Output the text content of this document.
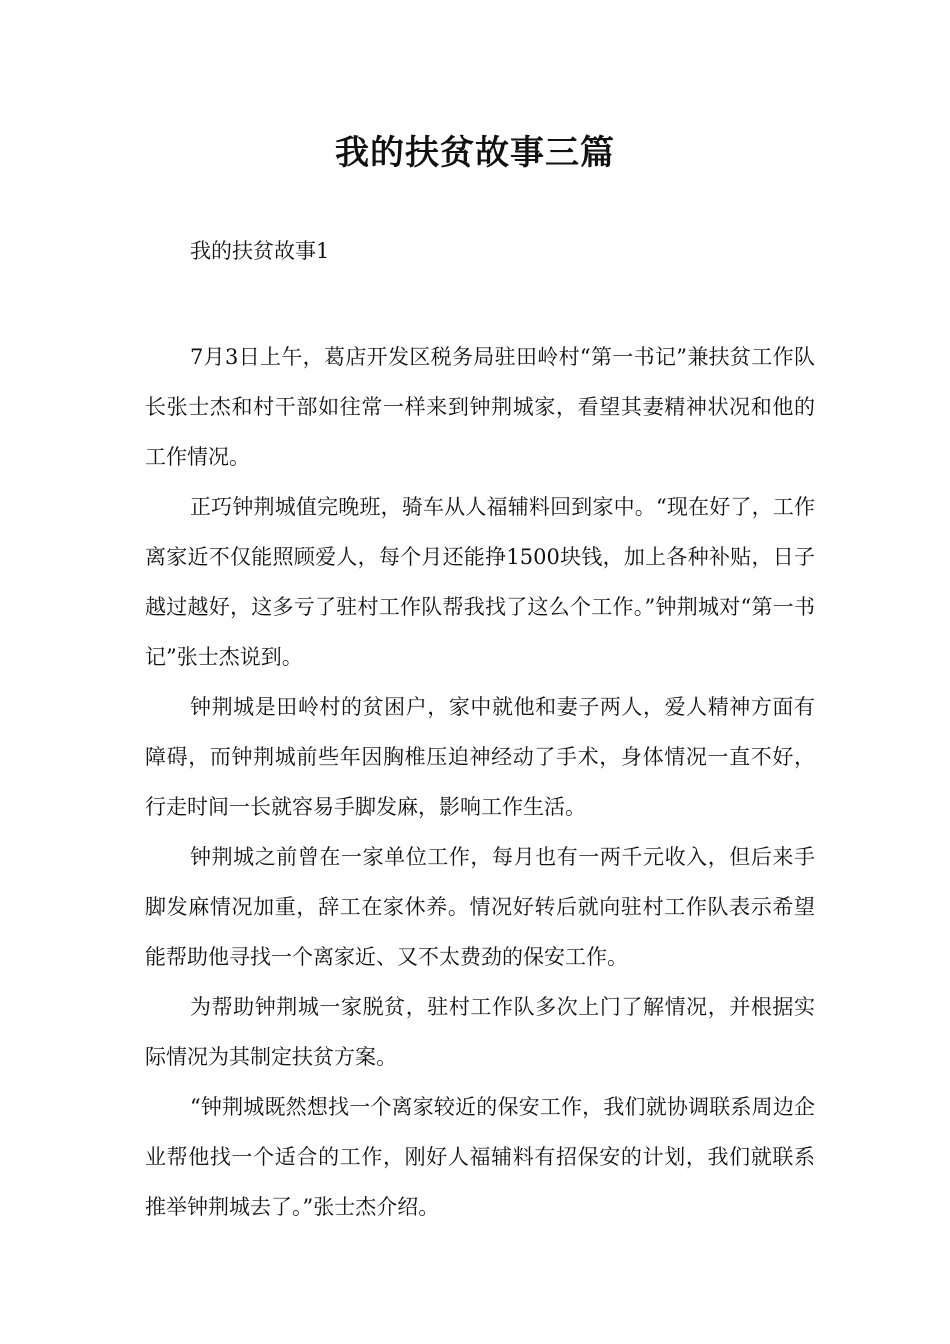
我的扶贫故事三篇

我的扶贫故事1

7月3日上午，葛店开发区税务局驻田岭村“第一书记”兼扶贫工作队长张士杰和村干部如往常一样来到钟荆城家，看望其妻精神状况和他的工作情况。

正巧钟荆城值完晚班，骑车从人福辅料回到家中。“现在好了，工作离家近不仅能照顾爱人，每个月还能挣1500块钱，加上各种补贴，日子越过越好，这多亏了驻村工作队帮我找了这么个工作。”钟荆城对“第一书记”张士杰说到。

钟荆城是田岭村的贫困户，家中就他和妻子两人，爱人精神方面有障碍，而钟荆城前些年因胸椎压迫神经动了手术，身体情况一直不好，行走时间一长就容易手脚发麻，影响工作生活。

钟荆城之前曾在一家单位工作，每月也有一两千元收入，但后来手脚发麻情况加重，辞工在家休养。情况好转后就向驻村工作队表示希望能帮助他寻找一个离家近、又不太费劲的保安工作。

为帮助钟荆城一家脱贫，驻村工作队多次上门了解情况，并根据实际情况为其制定扶贫方案。

“钟荆城既然想找一个离家较近的保安工作，我们就协调联系周边企业帮他找一个适合的工作，刚好人福辅料有招保安的计划，我们就联系推举钟荆城去了。”张士杰介绍。
